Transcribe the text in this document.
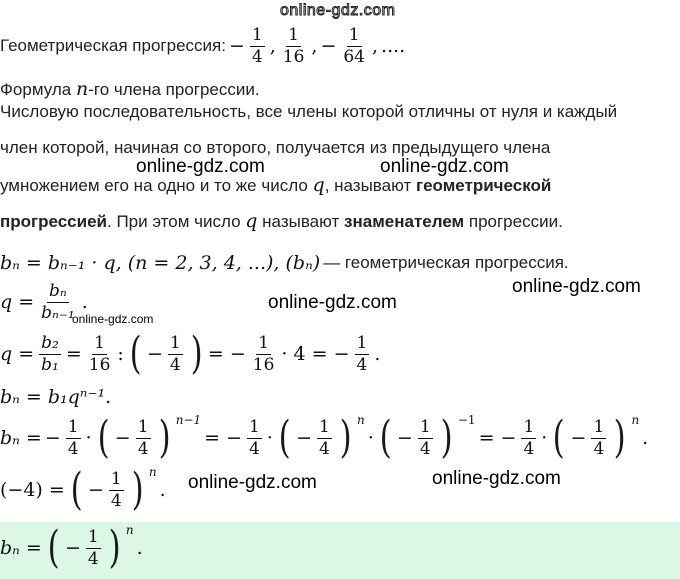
online-gdz.com
Геометрическая прогрессия: − $\frac{1}{4}$ , $\frac{1}{16}$ , − $\frac{1}{64}$ , ....
Формула n-го члена прогрессии.
Числовую последовательность, все члены которой отличны от нуля и каждый
член которой, начиная со второго, получается из предыдущего члена
умножением его на одно и то же число q, называют геометрической
прогрессией. При этом число q называют знаменателем прогрессии.
online-gdz.com	online-gdz.com
bₙ = bₙ₋₁ · q, (n = 2, 3, 4, ...), (bₙ) — геометрическая прогрессия.
online-gdz.com
online-gdz.com
$q = \frac{\text{bₙ}}{\text{bₙ₋₁}}$ .
online-gdz.com
$q = \frac{\text{b₂}}{\text{b₁}} = \frac{1}{16}$ : ( − $\frac{1}{4}$ ) = − $\frac{1}{16} \cdot 4$ = − $\frac{1}{4}$ .
bₙ = b₁qⁿ⁻¹.
bₙ = − $\frac{1}{4}$ · ( − $\frac{1}{4}$ ) $^{n-1}$
= − $\frac{1}{4}$ · ( − $\frac{1}{4}$ ) $^n$
· ( − $\frac{1}{4}$ ) $^{-1}$
= − $\frac{1}{4}$ · ( − $\frac{1}{4}$ ) $^n$
.
online-gdz.com	online-gdz.com
(−4) = ( − $\frac{1}{4}$ ) $^n$
.
bₙ = ( − $\frac{1}{4}$ ) $^n$
.
